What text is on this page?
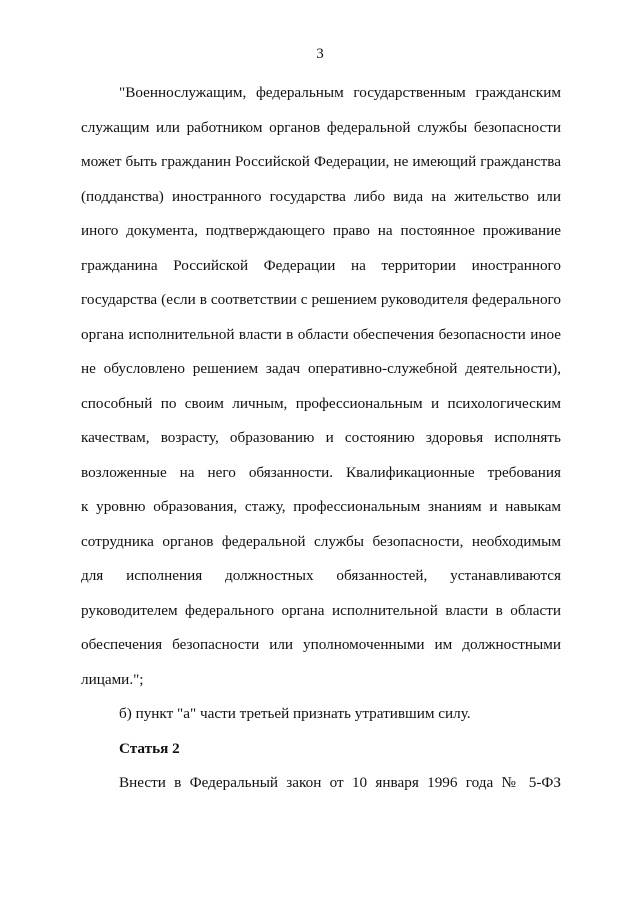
3
"Военнослужащим, федеральным государственным гражданским
служащим или работником органов федеральной службы безопасности
может быть гражданин Российской Федерации, не имеющий гражданства
(подданства) иностранного государства либо вида на жительство или
иного документа, подтверждающего право на постоянное проживание
гражданина Российской Федерации на территории иностранного
государства (если в соответствии с решением руководителя федерального
органа исполнительной власти в области обеспечения безопасности иное
не обусловлено решением задач оперативно-служебной деятельности),
способный по своим личным, профессиональным и психологическим
качествам, возрасту, образованию и состоянию здоровья исполнять
возложенные на него обязанности. Квалификационные требования
к уровню образования, стажу, профессиональным знаниям и навыкам
сотрудника органов федеральной службы безопасности, необходимым
для исполнения должностных обязанностей, устанавливаются
руководителем федерального органа исполнительной власти в области
обеспечения безопасности или уполномоченными им должностными
лицами.";
б) пункт "а" части третьей признать утратившим силу.
Статья 2
Внести в Федеральный закон от 10 января 1996 года № 5-ФЗ
